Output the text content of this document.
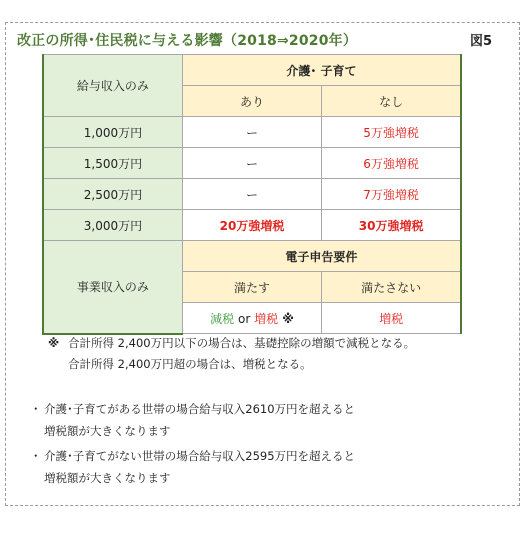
改正の所得･住民税に与える影響（2018⇒2020年）	図5
給与収入のみ	介護･ 子育て	
	あり	なし
1,000万円	ー	5万強増税
1,500万円	ー	6万強増税
2,500万円	ー	7万強増税
3,000万円	20万強増税	30万強増税
事業収入のみ	電子申告要件	
	満たす	満たさない
	減税 or 増税 ※	増税
※ 合計所得 2,400万円以下の場合は、基礎控除の増額で減税となる。
合計所得 2,400万円超の場合は、増税となる。
・ 介護･子育てがある世帯の場合給与収入2610万円を超えると
増税額が大きくなります
・ 介護･子育てがない世帯の場合給与収入2595万円を超えると
増税額が大きくなります
